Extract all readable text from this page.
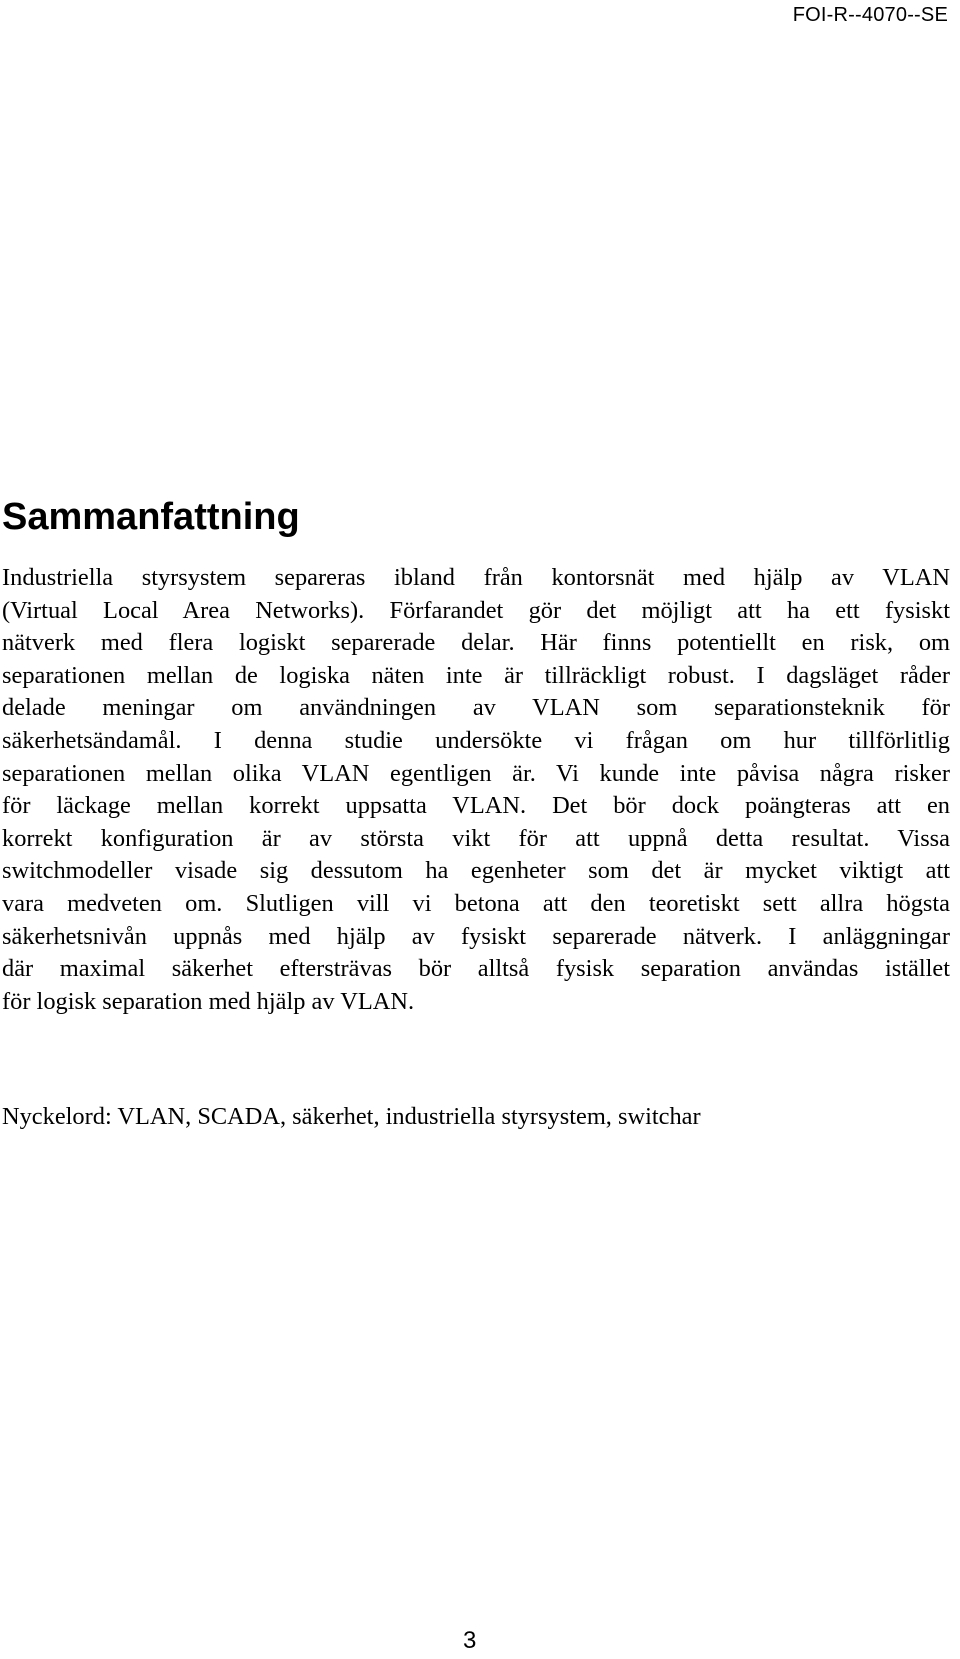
FOI-R--4070--SE
Sammanfattning
Industriella styrsystem separeras ibland från kontorsnät med hjälp av VLAN
(Virtual Local Area Networks). Förfarandet gör det möjligt att ha ett fysiskt
nätverk med flera logiskt separerade delar. Här finns potentiellt en risk, om
separationen mellan de logiska näten inte är tillräckligt robust. I dagsläget råder
delade meningar om användningen av VLAN som separationsteknik för
säkerhetsändamål. I denna studie undersökte vi frågan om hur tillförlitlig
separationen mellan olika VLAN egentligen är. Vi kunde inte påvisa några risker
för läckage mellan korrekt uppsatta VLAN. Det bör dock poängteras att en
korrekt konfiguration är av största vikt för att uppnå detta resultat. Vissa
switchmodeller visade sig dessutom ha egenheter som det är mycket viktigt att
vara medveten om. Slutligen vill vi betona att den teoretiskt sett allra högsta
säkerhetsnivån uppnås med hjälp av fysiskt separerade nätverk. I anläggningar
där maximal säkerhet eftersträvas bör alltså fysisk separation användas istället
för logisk separation med hjälp av VLAN.

Nyckelord: VLAN, SCADA, säkerhet, industriella styrsystem, switchar

3
